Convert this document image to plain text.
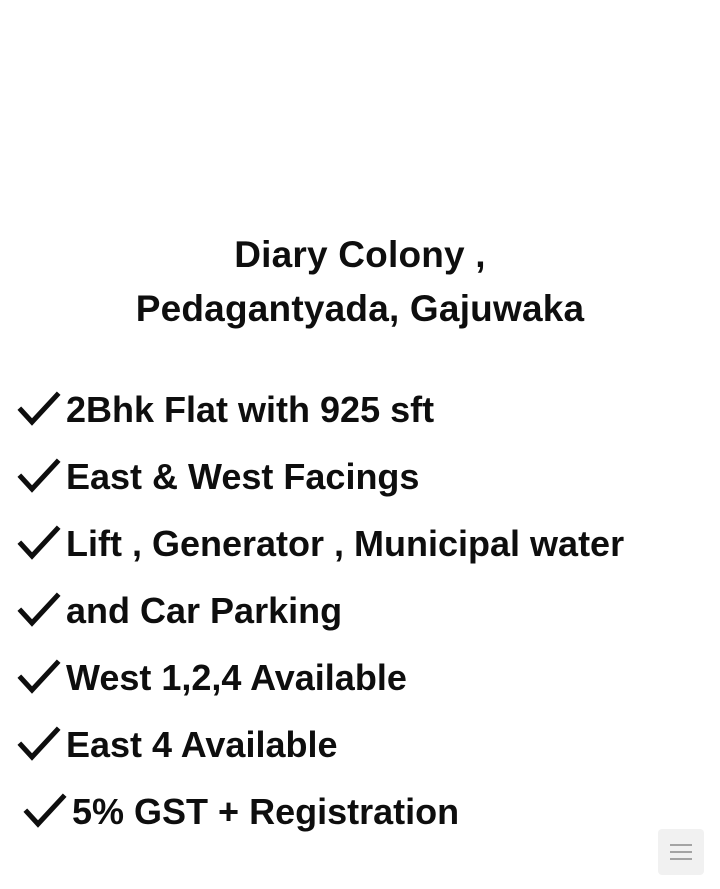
Diary Colony ,
Pedagantyada, Gajuwaka
2Bhk Flat with 925 sft
East & West Facings
Lift , Generator , Municipal water
and Car Parking
West 1,2,4 Available
East 4 Available
5% GST + Registration
